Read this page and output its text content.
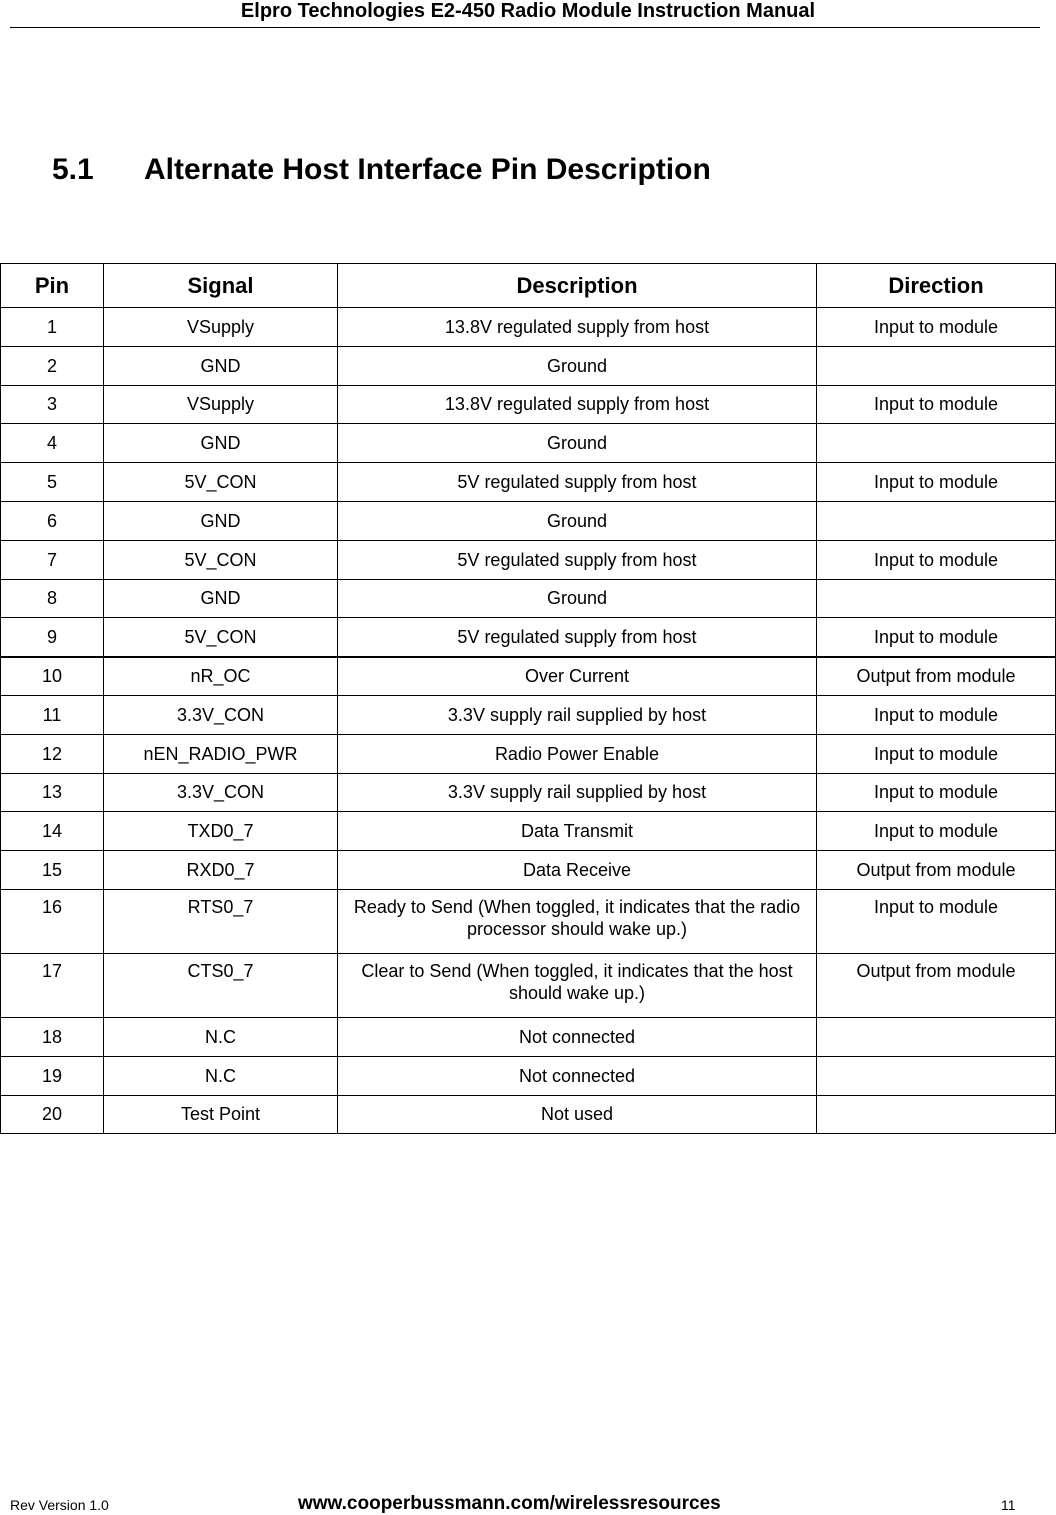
Elpro Technologies E2-450 Radio Module Instruction Manual
5.1 Alternate Host Interface Pin Description
Pin	Signal	Description	Direction
1	VSupply	13.8V regulated supply from host	Input to module
2	GND	Ground	
3	VSupply	13.8V regulated supply from host	Input to module
4	GND	Ground	
5	5V_CON	5V regulated supply from host	Input to module
6	GND	Ground	
7	5V_CON	5V regulated supply from host	Input to module
8	GND	Ground	
9	5V_CON	5V regulated supply from host	Input to module
10	nR_OC	Over Current	Output from module
11	3.3V_CON	3.3V supply rail supplied by host	Input to module
12	nEN_RADIO_PWR	Radio Power Enable	Input to module
13	3.3V_CON	3.3V supply rail supplied by host	Input to module
14	TXD0_7	Data Transmit	Input to module
15	RXD0_7	Data Receive	Output from module
16	RTS0_7	Ready to Send (When toggled, it indicates that the radio processor should wake up.)	Input to module
17	CTS0_7	Clear to Send (When toggled, it indicates that the host should wake up.)	Output from module
18	N.C	Not connected	
19	N.C	Not connected	
20	Test Point	Not used	
Rev Version 1.0	www.cooperbussmann.com/wirelessresources	11
